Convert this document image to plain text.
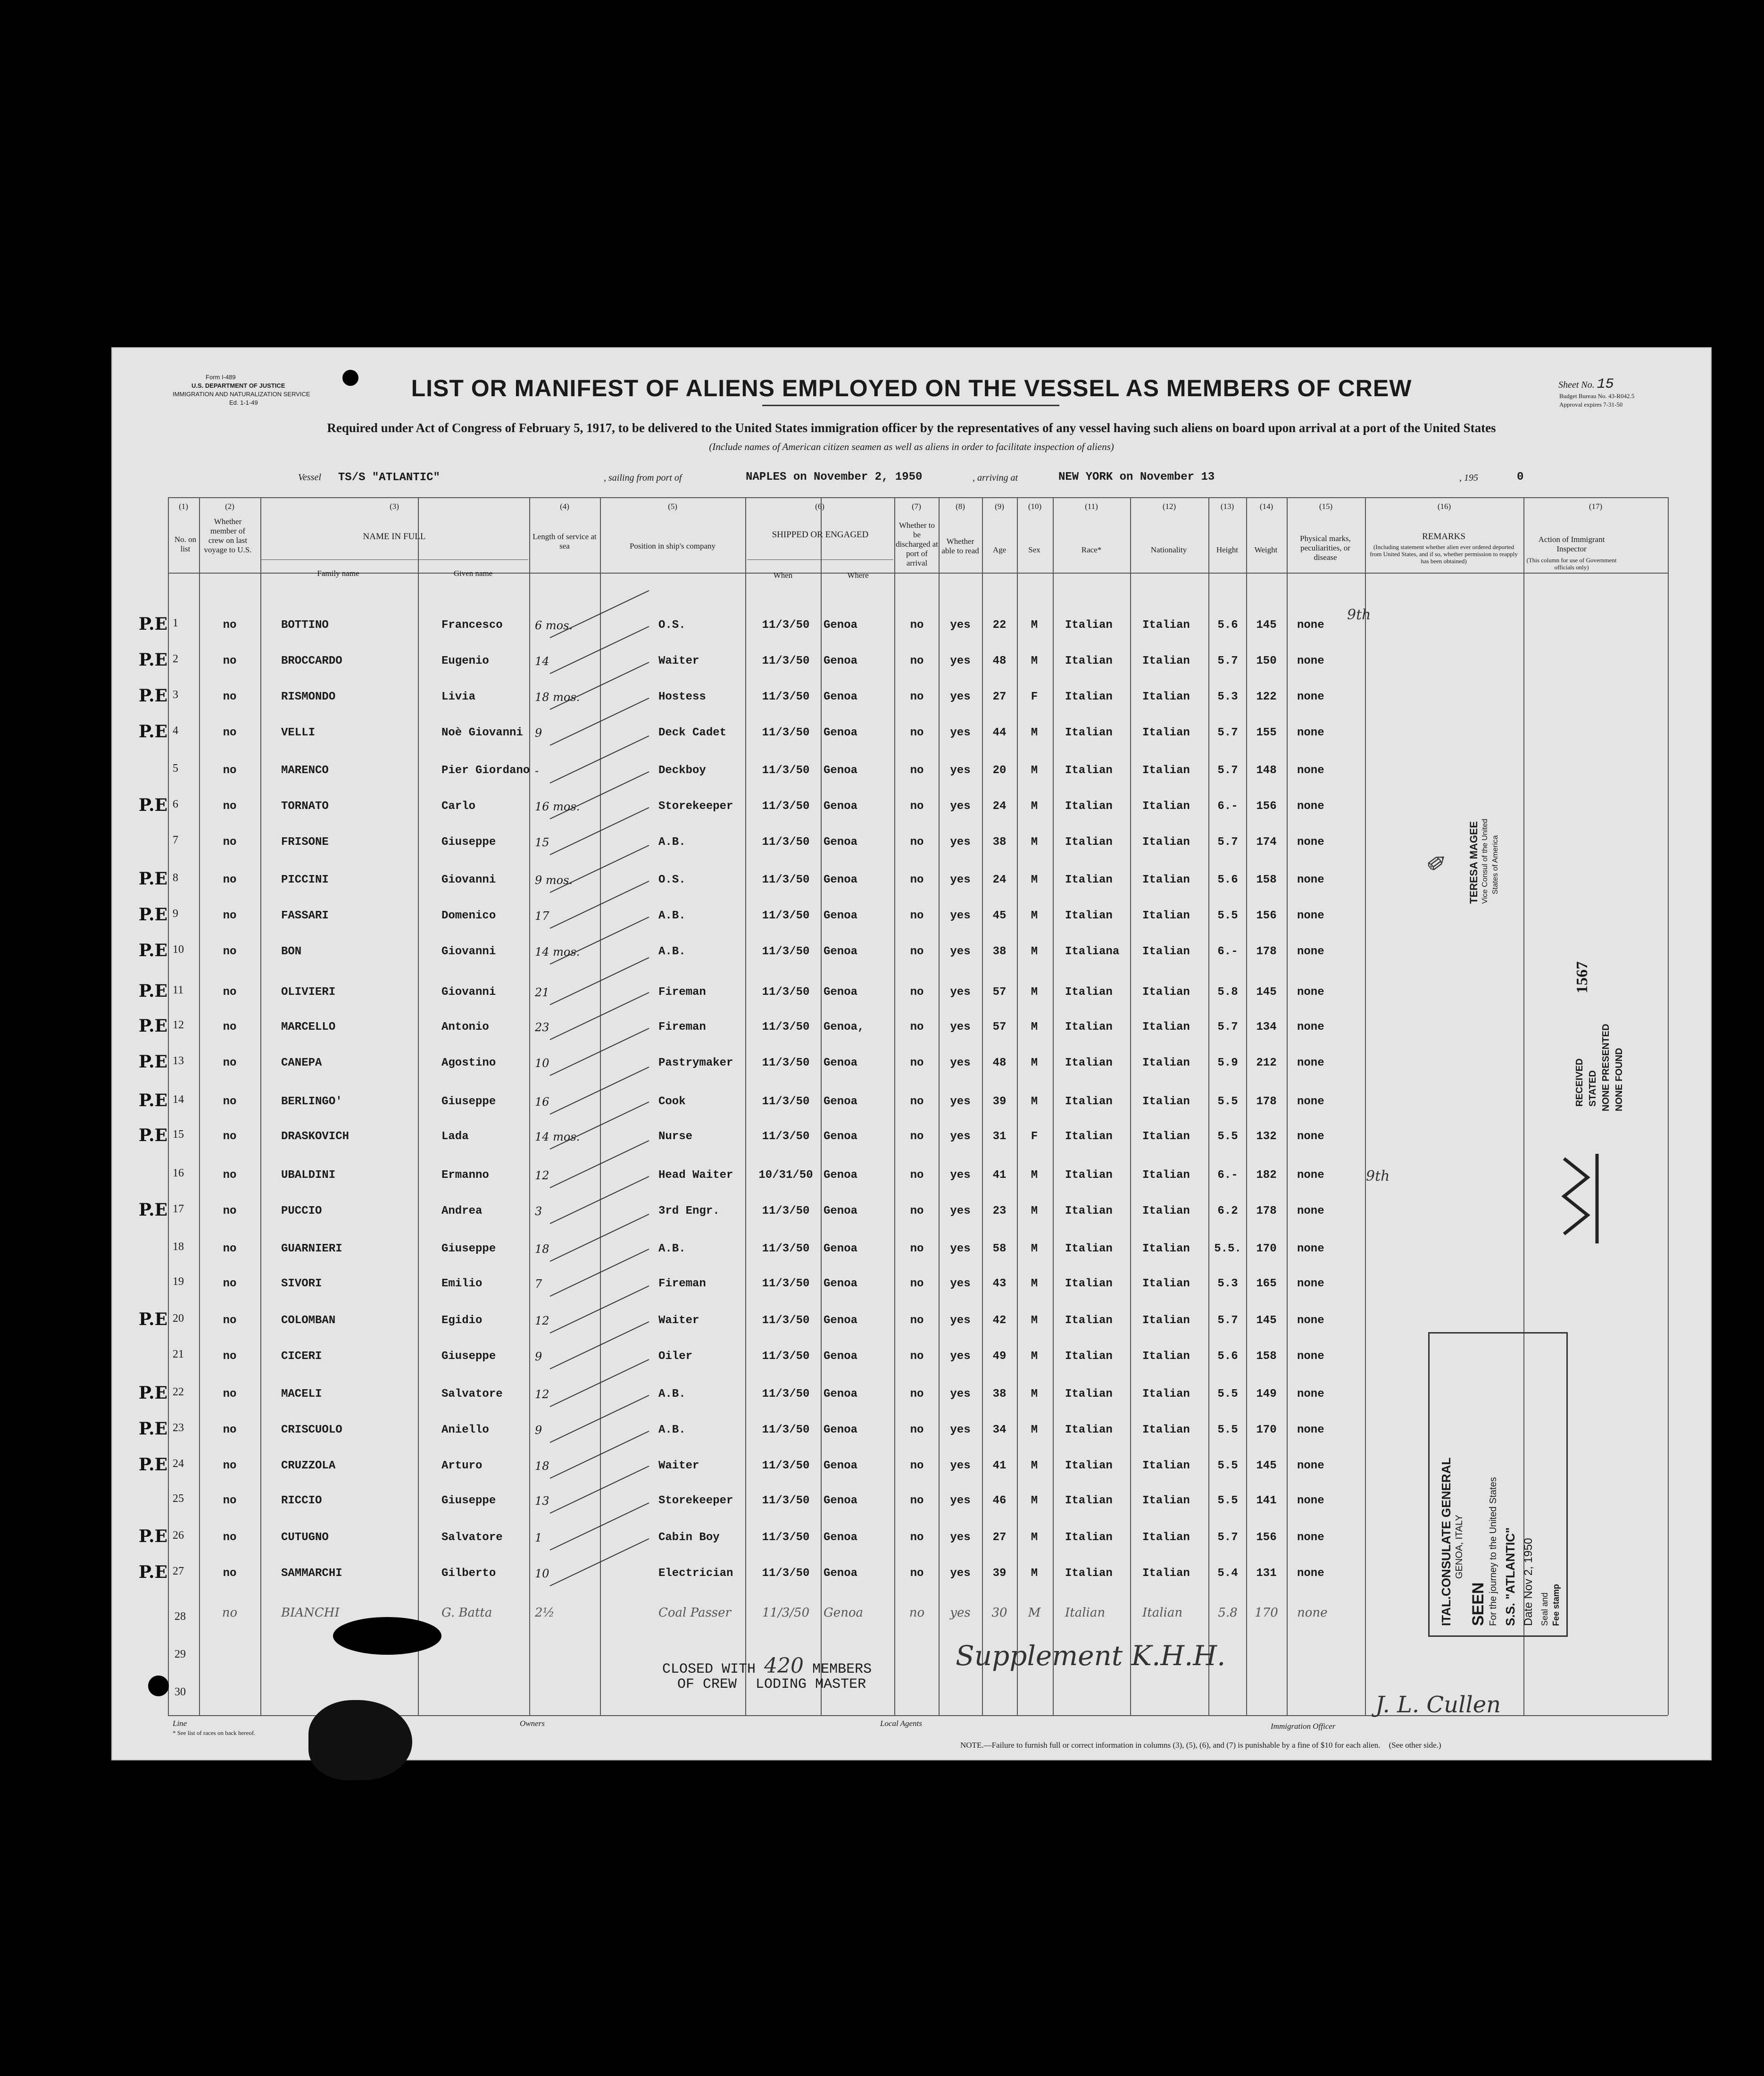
Form I-489
U.S. DEPARTMENT OF JUSTICE
IMMIGRATION AND NATURALIZATION SERVICE
Ed. 1-1-49
Sheet No. 15
Budget Bureau No. 43-R042.5
Approval expires 7-31-50
LIST OR MANIFEST OF ALIENS EMPLOYED ON THE VESSEL AS MEMBERS OF CREW
Required under Act of Congress of February 5, 1917, to be delivered to the United States immigration officer by the representatives of any vessel having such aliens on board upon arrival at a port of the United States
(Include names of American citizen seamen as well as aliens in order to facilitate inspection of aliens)
Vessel TS/S "ATLANTIC"	, sailing from port of	NAPLES on November 2, 1950	, arriving at	NEW YORK on November 13	, 195	0
(1)	(2)	(3)	(4)	(5)	(6)	(7)	(8)	(9)	(10)	(11)	(12)	(13)	(14)	(15)	(16)	(17)
No. on list
Whether member of crew on last voyage to U.S.
NAME IN FULL
Family name	Given name
Length of service at sea	Position in ship's company
SHIPPED OR ENGAGED
When	Where
Whether to be discharged at port of arrival
Whether able to read	Age	Sex	Race*	Nationality	Height	Weight
Physical marks, peculiarities, or disease
REMARKS
(Including statement whether alien ever ordered deported from United States, and if so, whether permission to reapply has been obtained)
Action of Immigrant Inspector
(This column for use of Government officials only)
P.E 1	no	BOTTINO	Francesco	6 mos.	O.S.	11/3/50	Genoa	no	yes	22	M	Italian	Italian	5.6	145	none
P.E 2	no	BROCCARDO	Eugenio	14	Waiter	11/3/50	Genoa	no	yes	48	M	Italian	Italian	5.7	150	none
P.E 3	no	RISMONDO	Livia	18 mos.	Hostess	11/3/50	Genoa	no	yes	27	F	Italian	Italian	5.3	122	none
P.E 4	no	VELLI	Noè Giovanni	9	Deck Cadet	11/3/50	Genoa	no	yes	44	M	Italian	Italian	5.7	155	none
5	no	MARENCO	Pier Giordano -	Deckboy	11/3/50	Genoa	no	yes	20	M	Italian	Italian	5.7	148	none
P.E 6	no	TORNATO	Carlo	16 mos.	Storekeeper	11/3/50	Genoa	no	yes	24	M	Italian	Italian	6.-	156	none
7	no	FRISONE	Giuseppe	15	A.B.	11/3/50	Genoa	no	yes	38	M	Italian	Italian	5.7	174	none
P.E 8	no	PICCINI	Giovanni	9 mos.	O.S.	11/3/50	Genoa	no	yes	24	M	Italian	Italian	5.6	158	none
P.E 9	no	FASSARI	Domenico	17	A.B.	11/3/50	Genoa	no	yes	45	M	Italian	Italian	5.5	156	none
P.E 10	no	BON	Giovanni	14 mos.	A.B.	11/3/50	Genoa	no	yes	38	M	Italiana	Italian	6.-	178	none
P.E 11	no	OLIVIERI	Giovanni	21	Fireman	11/3/50	Genoa	no	yes	57	M	Italian	Italian	5.8	145	none
P.E 12	no	MARCELLO	Antonio	23	Fireman	11/3/50	Genoa,	no	yes	57	M	Italian	Italian	5.7	134	none
P.E 13	no	CANEPA	Agostino	10	Pastrymaker	11/3/50	Genoa	no	yes	48	M	Italian	Italian	5.9	212	none
P.E 14	no	BERLINGO'	Giuseppe	16	Cook	11/3/50	Genoa	no	yes	39	M	Italian	Italian	5.5	178	none
P.E 15	no	DRASKOVICH	Lada	14 mos.	Nurse	11/3/50	Genoa	no	yes	31	F	Italian	Italian	5.5	132	none
16	no	UBALDINI	Ermanno	12	Head Waiter	10/31/50 Genoa	no	yes	41	M	Italian	Italian	6.-	182	none
P.E 17	no	PUCCIO	Andrea	3	3rd Engr.	11/3/50	Genoa	no	yes	23	M	Italian	Italian	6.2	178	none
18	no	GUARNIERI	Giuseppe	18	A.B.	11/3/50	Genoa	no	yes	58	M	Italian	Italian	5.5.	170	none
19	no	SIVORI	Emilio	7	Fireman	11/3/50	Genoa	no	yes	43	M	Italian	Italian	5.3	165	none
P.E 20	no	COLOMBAN	Egidio	12	Waiter	11/3/50	Genoa	no	yes	42	M	Italian	Italian	5.7	145	none
21	no	CICERI	Giuseppe	9	Oiler	11/3/50	Genoa	no	yes	49	M	Italian	Italian	5.6	158	none
P.E 22	no	MACELI	Salvatore	12	A.B.	11/3/50	Genoa	no	yes	38	M	Italian	Italian	5.5	149	none
P.E 23	no	CRISCUOLO	Aniello	9	A.B.	11/3/50	Genoa	no	yes	34	M	Italian	Italian	5.5	170	none
P.E 24	no	CRUZZOLA	Arturo	18	Waiter	11/3/50	Genoa	no	yes	41	M	Italian	Italian	5.5	145	none
25	no	RICCIO	Giuseppe	13	Storekeeper	11/3/50	Genoa	no	yes	46	M	Italian	Italian	5.5	141	none
P.E 26	no	CUTUGNO	Salvatore	1	Cabin Boy	11/3/50	Genoa	no	yes	27	M	Italian	Italian	5.7	156	none
P.E 27	no	SAMMARCHI	Gilberto	10	Electrician	11/3/50	Genoa	no	yes	39	M	Italian	Italian	5.4	131	none
28	no	BIANCHI	G. Batta	2½	Coal Passer	11/3/50	Genoa	no	yes	30	M	Italian	Italian	5.8	170	none
29
30
CLOSED WITH 420 MEMBERS
OF CREW LODING MASTER
Supplement K.H.H.
9th
9th
✎ TERESA MAGEE Vice Consul of the United States of America
1567
RECEIVED STATED NONE PRESENTED NONE FOUND
ITAL.CONSULATE GENERAL GENOA, ITALY
SEEN For the journey to the United States S.S. "ATLANTIC" Date Nov 2, 1950 Seal and Fee stamp
Line
* See list of races on back hereof.
Owners	Local Agents	Immigration Officer
J. L. Cullen
NOTE.—Failure to furnish full or correct information in columns (3), (5), (6), and (7) is punishable by a fine of $10 for each alien. (See other side.)
